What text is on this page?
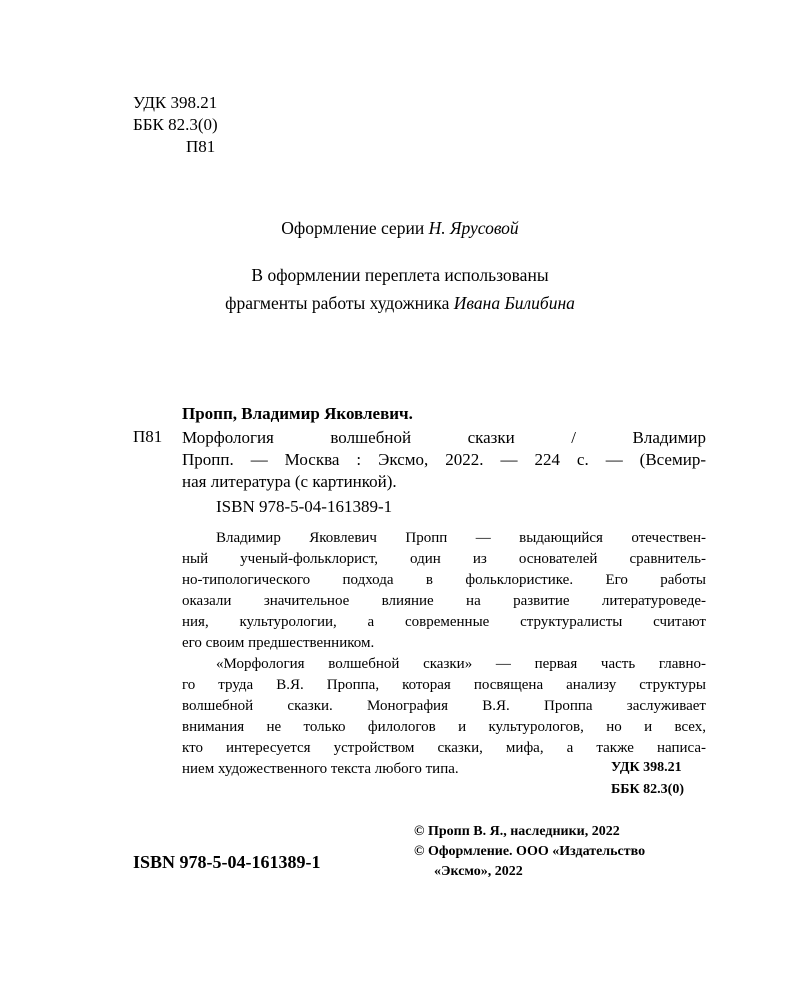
УДК 398.21
ББК 82.3(0)
П81
Оформление серии Н. Ярусовой
В оформлении переплета использованы
фрагменты работы художника Ивана Билибина
Пропп, Владимир Яковлевич.
П81 Морфология волшебной сказки / Владимир
Пропп. — Москва : Эксмо, 2022. — 224 с. — (Всемир-
ная литература (с картинкой).
ISBN 978-5-04-161389-1
Владимир Яковлевич Пропп — выдающийся отечествен-
ный ученый-фольклорист, один из основателей сравнитель-
но-типологического подхода в фольклористике. Его работы
оказали значительное влияние на развитие литературоведе-
ния, культурологии, а современные структуралисты считают
его своим предшественником.
«Морфология волшебной сказки» — первая часть главно-
го труда В.Я. Проппа, которая посвящена анализу структуры
волшебной сказки. Монография В.Я. Проппа заслуживает
внимания не только филологов и культурологов, но и всех,
кто интересуется устройством сказки, мифа, а также написа-
нием художественного текста любого типа.	УДК 398.21
ББК 82.3(0)
© Пропп В. Я., наследники, 2022
© Оформление. ООО «Издательство
«Эксмо», 2022
ISBN 978-5-04-161389-1
